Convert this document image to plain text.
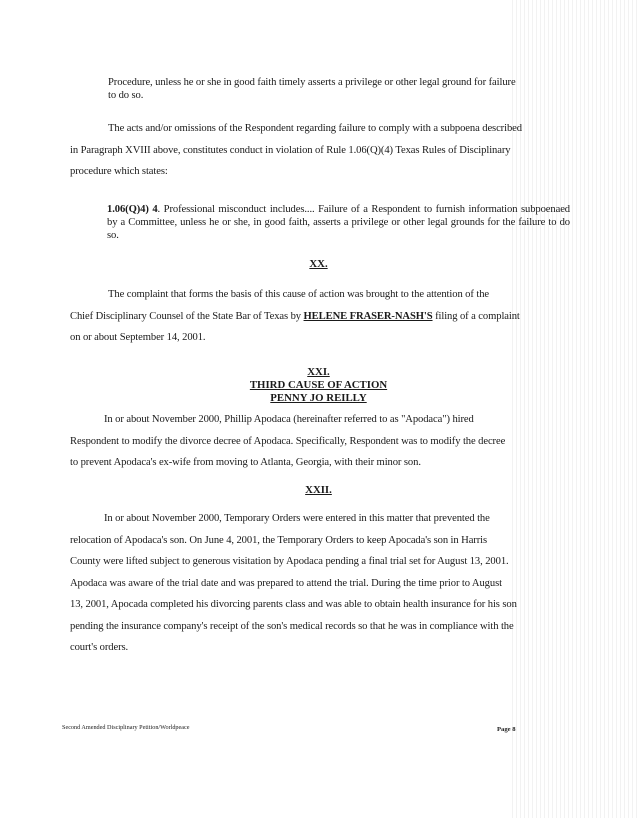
Procedure, unless he or she in good faith timely asserts a privilege or other legal ground for failure
to do so.
The acts and/or omissions of the Respondent regarding failure to comply with a subpoena described
in Paragraph XVIII above, constitutes conduct in violation of Rule 1.06(Q)(4) Texas Rules of Disciplinary
procedure which states:
1.06(Q)4) 4. Professional misconduct includes.... Failure of a Respondent to furnish information subpoenaed by a Committee, unless he or she, in good faith, asserts a privilege or other legal grounds for the failure to do so.
XX.
The complaint that forms the basis of this cause of action was brought to the attention of the
Chief Disciplinary Counsel of the State Bar of Texas by HELENE FRASER-NASH'S filing of a complaint
on or about September 14, 2001.
XXI.
THIRD CAUSE OF ACTION
PENNY JO REILLY
In or about November 2000, Phillip Apodaca (hereinafter referred to as "Apodaca") hired
Respondent to modify the divorce decree of Apodaca. Specifically, Respondent was to modify the decree
to prevent Apodaca's ex-wife from moving to Atlanta, Georgia, with their minor son.
XXII.
In or about November 2000, Temporary Orders were entered in this matter that prevented the
relocation of Apodaca's son. On June 4, 2001, the Temporary Orders to keep Apocada's son in Harris
County were lifted subject to generous visitation by Apodaca pending a final trial set for August 13, 2001.
Apodaca was aware of the trial date and was prepared to attend the trial. During the time prior to August
13, 2001, Apocada completed his divorcing parents class and was able to obtain health insurance for his son
pending the insurance company's receipt of the son's medical records so that he was in compliance with the
court's orders.
Second Amended Disciplinary Petition/Worldpeace	Page 8
